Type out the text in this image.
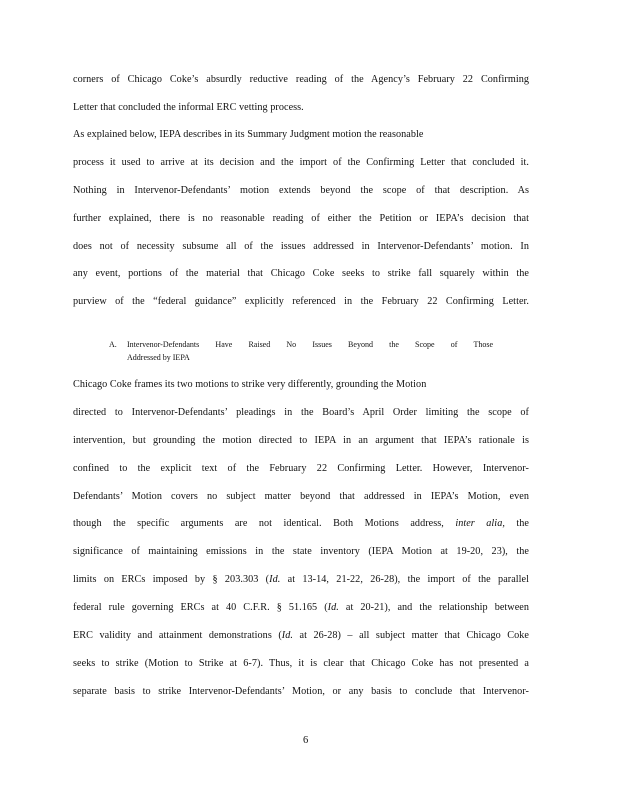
corners of Chicago Coke’s absurdly reductive reading of the Agency’s February 22 Confirming
Letter that concluded the informal ERC vetting process.
As explained below, IEPA describes in its Summary Judgment motion the reasonable
process it used to arrive at its decision and the import of the Confirming Letter that concluded it.
Nothing in Intervenor-Defendants’ motion extends beyond the scope of that description. As
further explained, there is no reasonable reading of either the Petition or IEPA’s decision that
does not of necessity subsume all of the issues addressed in Intervenor-Defendants’ motion. In
any event, portions of the material that Chicago Coke seeks to strike fall squarely within the
purview of the “federal guidance” explicitly referenced in the February 22 Confirming Letter.
A. Intervenor-Defendants Have Raised No Issues Beyond the Scope of Those
Addressed by IEPA
Chicago Coke frames its two motions to strike very differently, grounding the Motion
directed to Intervenor-Defendants’ pleadings in the Board’s April Order limiting the scope of
intervention, but grounding the motion directed to IEPA in an argument that IEPA’s rationale is
confined to the explicit text of the February 22 Confirming Letter. However, Intervenor-
Defendants’ Motion covers no subject matter beyond that addressed in IEPA’s Motion, even
though the specific arguments are not identical. Both Motions address, inter alia, the
significance of maintaining emissions in the state inventory (IEPA Motion at 19-20, 23), the
limits on ERCs imposed by § 203.303 (Id. at 13-14, 21-22, 26-28), the import of the parallel
federal rule governing ERCs at 40 C.F.R. § 51.165 (Id. at 20-21), and the relationship between
ERC validity and attainment demonstrations (Id. at 26-28) – all subject matter that Chicago Coke
seeks to strike (Motion to Strike at 6-7). Thus, it is clear that Chicago Coke has not presented a
separate basis to strike Intervenor-Defendants’ Motion, or any basis to conclude that Intervenor-
6
